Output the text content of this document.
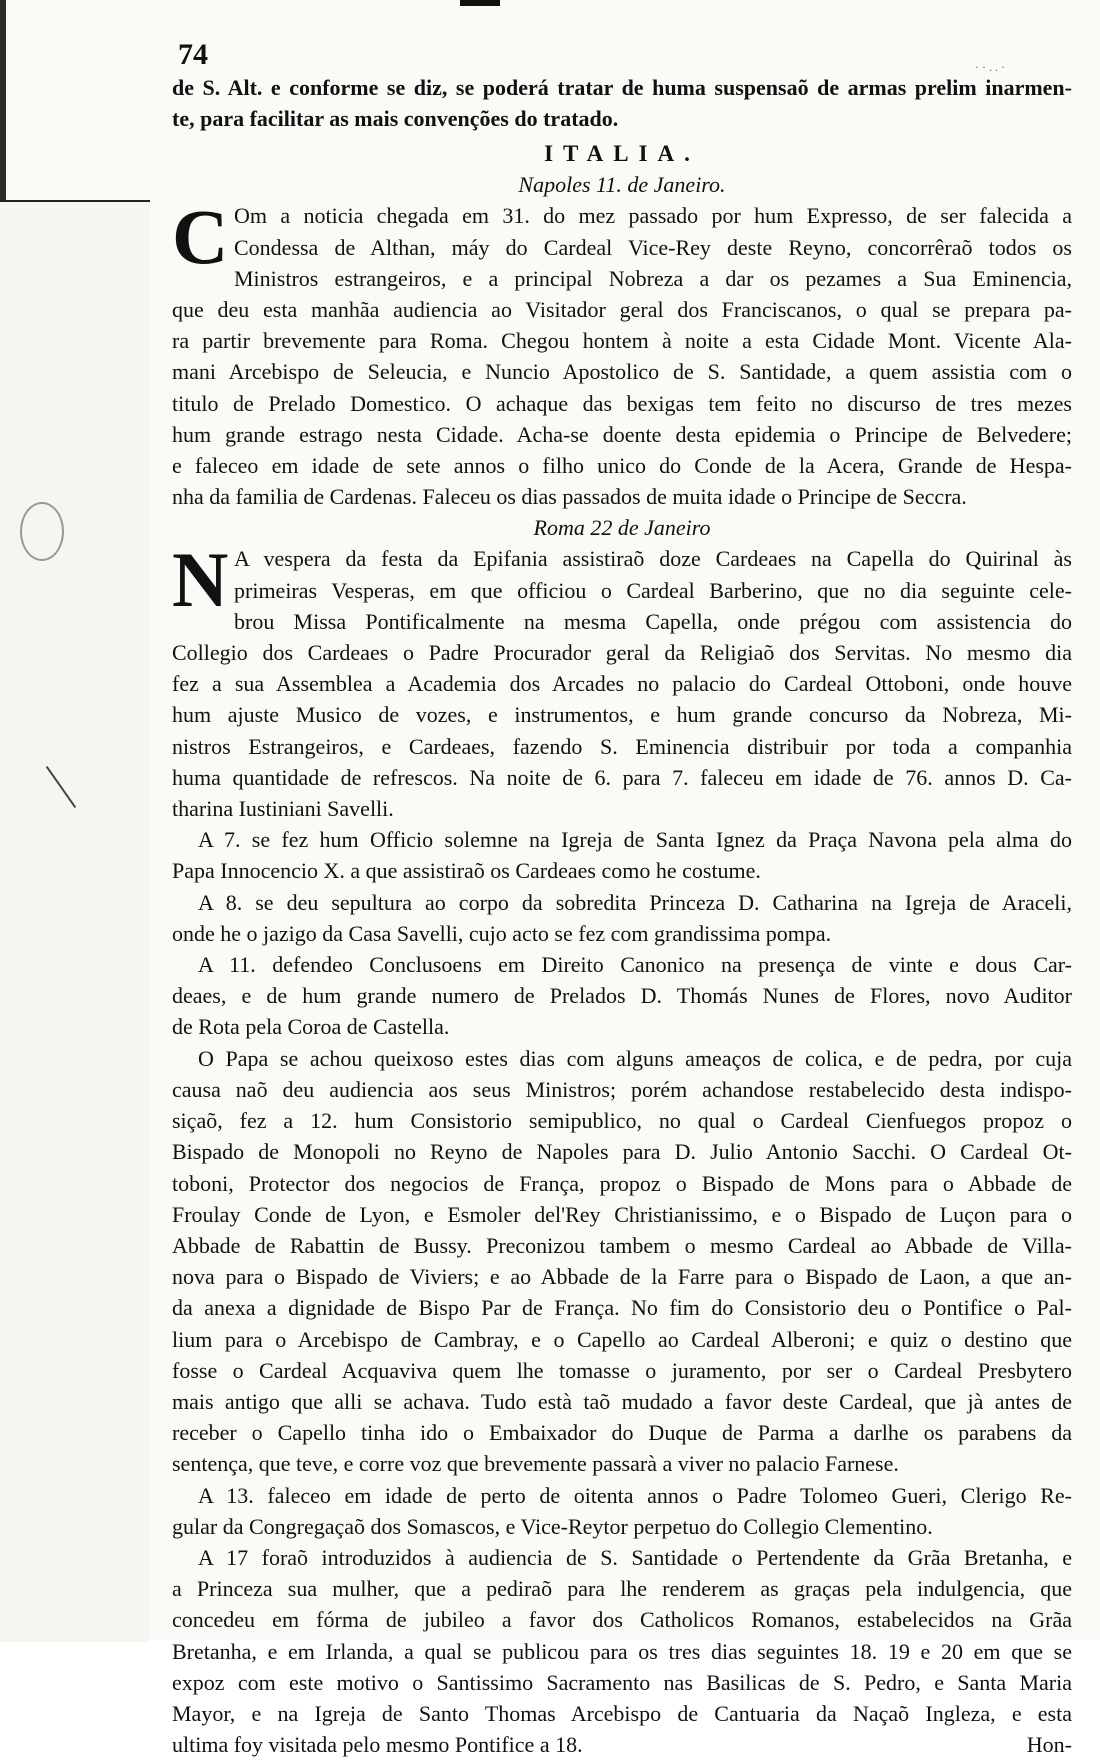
74	· · . . ·
de S. Alt. e conforme se diz, se poderá tratar de huma suspensaõ de armas prelim inarmen-
te, para facilitar as mais convenções do tratado.
ITALIA.
Napoles 11. de Janeiro.
C Om a noticia chegada em 31. do mez passado por hum Expresso, de ser falecida a
Condessa de Althan, máy do Cardeal Vice-Rey deste Reyno, concorrêraõ todos os
Ministros estrangeiros, e a principal Nobreza a dar os pezames a Sua Eminencia,
que deu esta manhãa audiencia ao Visitador geral dos Franciscanos, o qual se prepara pa-
ra partir brevemente para Roma. Chegou hontem à noite a esta Cidade Mont. Vicente Ala-
mani Arcebispo de Seleucia, e Nuncio Apostolico de S. Santidade, a quem assistia com o
titulo de Prelado Domestico. O achaque das bexigas tem feito no discurso de tres mezes
hum grande estrago nesta Cidade. Acha-se doente desta epidemia o Principe de Belvedere;
e faleceo em idade de sete annos o filho unico do Conde de la Acera, Grande de Hespa-
nha da familia de Cardenas. Faleceu os dias passados de muita idade o Principe de Seccra.
Roma 22 de Janeiro
N A vespera da festa da Epifania assistiraõ doze Cardeaes na Capella do Quirinal às
primeiras Vesperas, em que officiou o Cardeal Barberino, que no dia seguinte cele-
brou Missa Pontificalmente na mesma Capella, onde prégou com assistencia do
Collegio dos Cardeaes o Padre Procurador geral da Religiaõ dos Servitas. No mesmo dia
fez a sua Assemblea a Academia dos Arcades no palacio do Cardeal Ottoboni, onde houve
hum ajuste Musico de vozes, e instrumentos, e hum grande concurso da Nobreza, Mi-
nistros Estrangeiros, e Cardeaes, fazendo S. Eminencia distribuir por toda a companhia
huma quantidade de refrescos. Na noite de 6. para 7. faleceu em idade de 76. annos D. Ca-
tharina Iustiniani Savelli.
A 7. se fez hum Officio solemne na Igreja de Santa Ignez da Praça Navona pela alma do
Papa Innocencio X. a que assistiraõ os Cardeaes como he costume.
A 8. se deu sepultura ao corpo da sobredita Princeza D. Catharina na Igreja de Araceli,
onde he o jazigo da Casa Savelli, cujo acto se fez com grandissima pompa.
A 11. defendeo Conclusoens em Direito Canonico na presença de vinte e dous Car-
deaes, e de hum grande numero de Prelados D. Thomás Nunes de Flores, novo Auditor
de Rota pela Coroa de Castella.
O Papa se achou queixoso estes dias com alguns ameaços de colica, e de pedra, por cuja
causa naõ deu audiencia aos seus Ministros; porém achandose restabelecido desta indispo-
siçaõ, fez a 12. hum Consistorio semipublico, no qual o Cardeal Cienfuegos propoz o
Bispado de Monopoli no Reyno de Napoles para D. Julio Antonio Sacchi. O Cardeal Ot-
toboni, Protector dos negocios de França, propoz o Bispado de Mons para o Abbade de
Froulay Conde de Lyon, e Esmoler del'Rey Christianissimo, e o Bispado de Luçon para o
Abbade de Rabattin de Bussy. Preconizou tambem o mesmo Cardeal ao Abbade de Villa-
nova para o Bispado de Viviers; e ao Abbade de la Farre para o Bispado de Laon, a que an-
da anexa a dignidade de Bispo Par de França. No fim do Consistorio deu o Pontifice o Pal-
lium para o Arcebispo de Cambray, e o Capello ao Cardeal Alberoni; e quiz o destino que
fosse o Cardeal Acquaviva quem lhe tomasse o juramento, por ser o Cardeal Presbytero
mais antigo que alli se achava. Tudo està taõ mudado a favor deste Cardeal, que jà antes de
receber o Capello tinha ido o Embaixador do Duque de Parma a darlhe os parabens da
sentença, que teve, e corre voz que brevemente passarà a viver no palacio Farnese.
A 13. faleceo em idade de perto de oitenta annos o Padre Tolomeo Gueri, Clerigo Re-
gular da Congregaçaõ dos Somascos, e Vice-Reytor perpetuo do Collegio Clementino.
A 17 foraõ introduzidos à audiencia de S. Santidade o Pertendente da Grãa Bretanha, e
a Princeza sua mulher, que a pediraõ para lhe renderem as graças pela indulgencia, que
concedeu em fórma de jubileo a favor dos Catholicos Romanos, estabelecidos na Grãa
Bretanha, e em Irlanda, a qual se publicou para os tres dias seguintes 18. 19 e 20 em que se
expoz com este motivo o Santissimo Sacramento nas Basilicas de S. Pedro, e Santa Maria
Mayor, e na Igreja de Santo Thomas Arcebispo de Cantuaria da Naçaõ Ingleza, e esta
ultima foy visitada pelo mesmo Pontifice a 18.	Hon-
